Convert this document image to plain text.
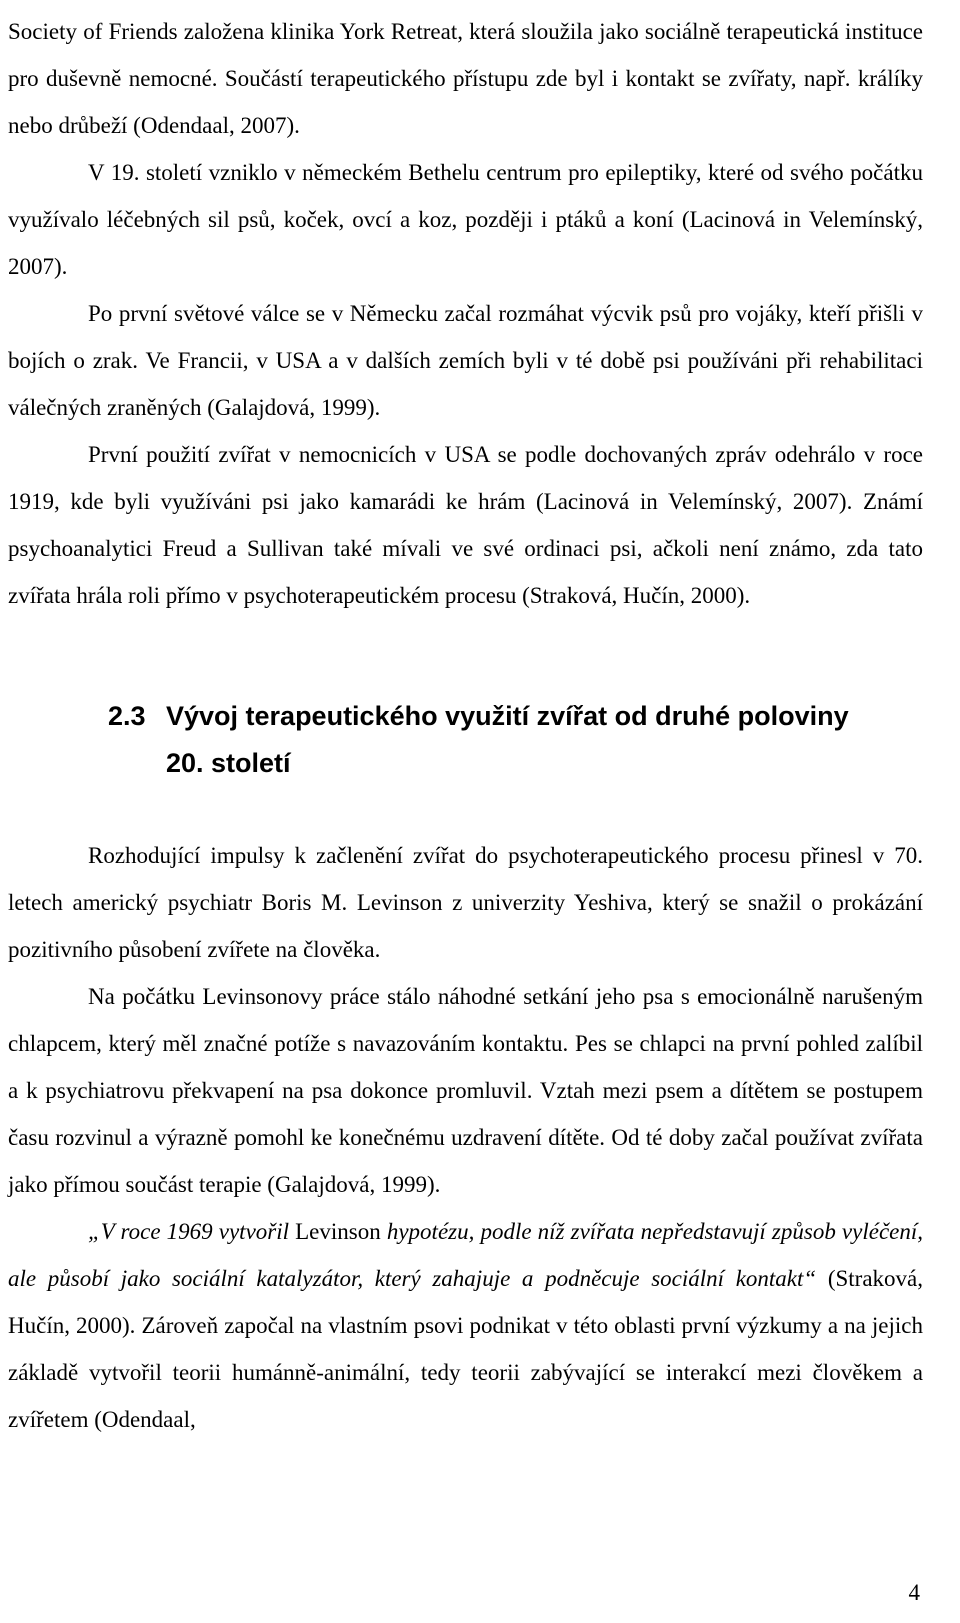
Society of Friends založena klinika York Retreat, která sloužila jako sociálně terapeutická instituce pro duševně nemocné. Součástí terapeutického přístupu zde byl i kontakt se zvířaty, např. králíky nebo drůbeží (Odendaal, 2007).

V 19. století vzniklo v německém Bethelu centrum pro epileptiky, které od svého počátku využívalo léčebných sil psů, koček, ovcí a koz, později i ptáků a koní (Lacinová in Velemínský, 2007).

Po první světové válce se v Německu začal rozmáhat výcvik psů pro vojáky, kteří přišli v bojích o zrak. Ve Francii, v USA a v dalších zemích byli v té době psi používáni při rehabilitaci válečných zraněných (Galajdová, 1999).

První použití zvířat v nemocnicích v USA se podle dochovaných zpráv odehrálo v roce 1919, kde byli využíváni psi jako kamarádi ke hrám (Lacinová in Velemínský, 2007). Známí psychoanalytici Freud a Sullivan také mívali ve své ordinaci psi, ačkoli není známo, zda tato zvířata hrála roli přímo v psychoterapeutickém procesu (Straková, Hučín, 2000).

2.3 Vývoj terapeutického využití zvířat od druhé poloviny
20. století

Rozhodující impulsy k začlenění zvířat do psychoterapeutického procesu přinesl v 70. letech americký psychiatr Boris M. Levinson z univerzity Yeshiva, který se snažil o prokázání pozitivního působení zvířete na člověka.

Na počátku Levinsonovy práce stálo náhodné setkání jeho psa s emocionálně narušeným chlapcem, který měl značné potíže s navazováním kontaktu. Pes se chlapci na první pohled zalíbil a k psychiatrovu překvapení na psa dokonce promluvil. Vztah mezi psem a dítětem se postupem času rozvinul a výrazně pomohl ke konečnému uzdravení dítěte. Od té doby začal používat zvířata jako přímou součást terapie (Galajdová, 1999).

„V roce 1969 vytvořil Levinson hypotézu, podle níž zvířata nepředstavují způsob vyléčení, ale působí jako sociální katalyzátor, který zahajuje a podněcuje sociální kontakt“ (Straková, Hučín, 2000). Zároveň započal na vlastním psovi podnikat v této oblasti první výzkumy a na jejich základě vytvořil teorii humánně-animální, tedy teorii zabývající se interakcí mezi člověkem a zvířetem (Odendaal,

4
